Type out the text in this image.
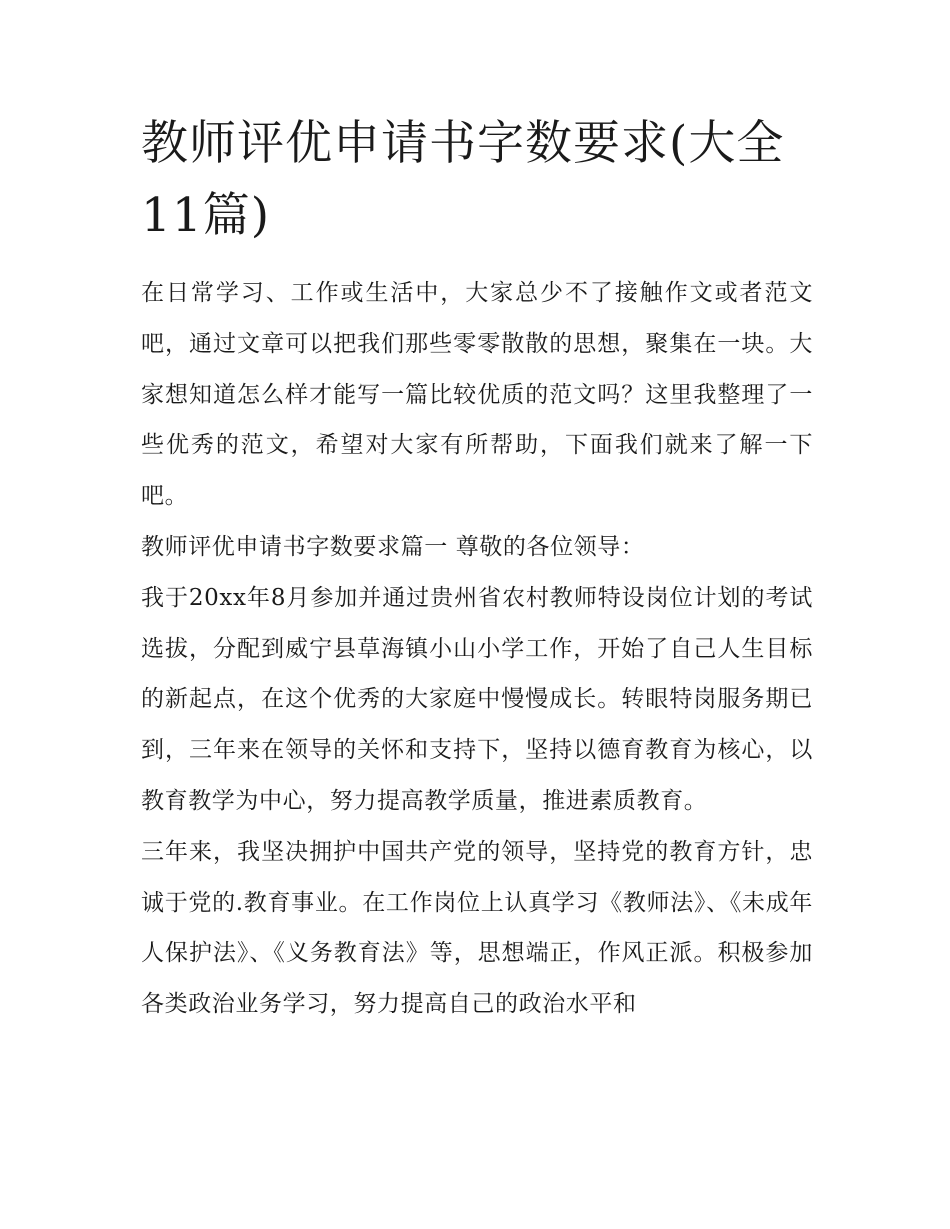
教师评优申请书字数要求(大全11篇)

在日常学习、工作或生活中，大家总少不了接触作文或者范文吧，通过文章可以把我们那些零零散散的思想，聚集在一块。大家想知道怎么样才能写一篇比较优质的范文吗？这里我整理了一些优秀的范文，希望对大家有所帮助，下面我们就来了解一下吧。

教师评优申请书字数要求篇一 尊敬的各位领导：

我于20xx年8月参加并通过贵州省农村教师特设岗位计划的考试选拔，分配到威宁县草海镇小山小学工作，开始了自己人生目标的新起点，在这个优秀的大家庭中慢慢成长。转眼特岗服务期已到，三年来在领导的关怀和支持下，坚持以德育教育为核心，以教育教学为中心，努力提高教学质量，推进素质教育。

三年来，我坚决拥护中国共产党的领导，坚持党的教育方针，忠诚于党的.教育事业。在工作岗位上认真学习《教师法》、《未成年人保护法》、《义务教育法》等，思想端正，作风正派。积极参加各类政治业务学习，努力提高自己的政治水平和
